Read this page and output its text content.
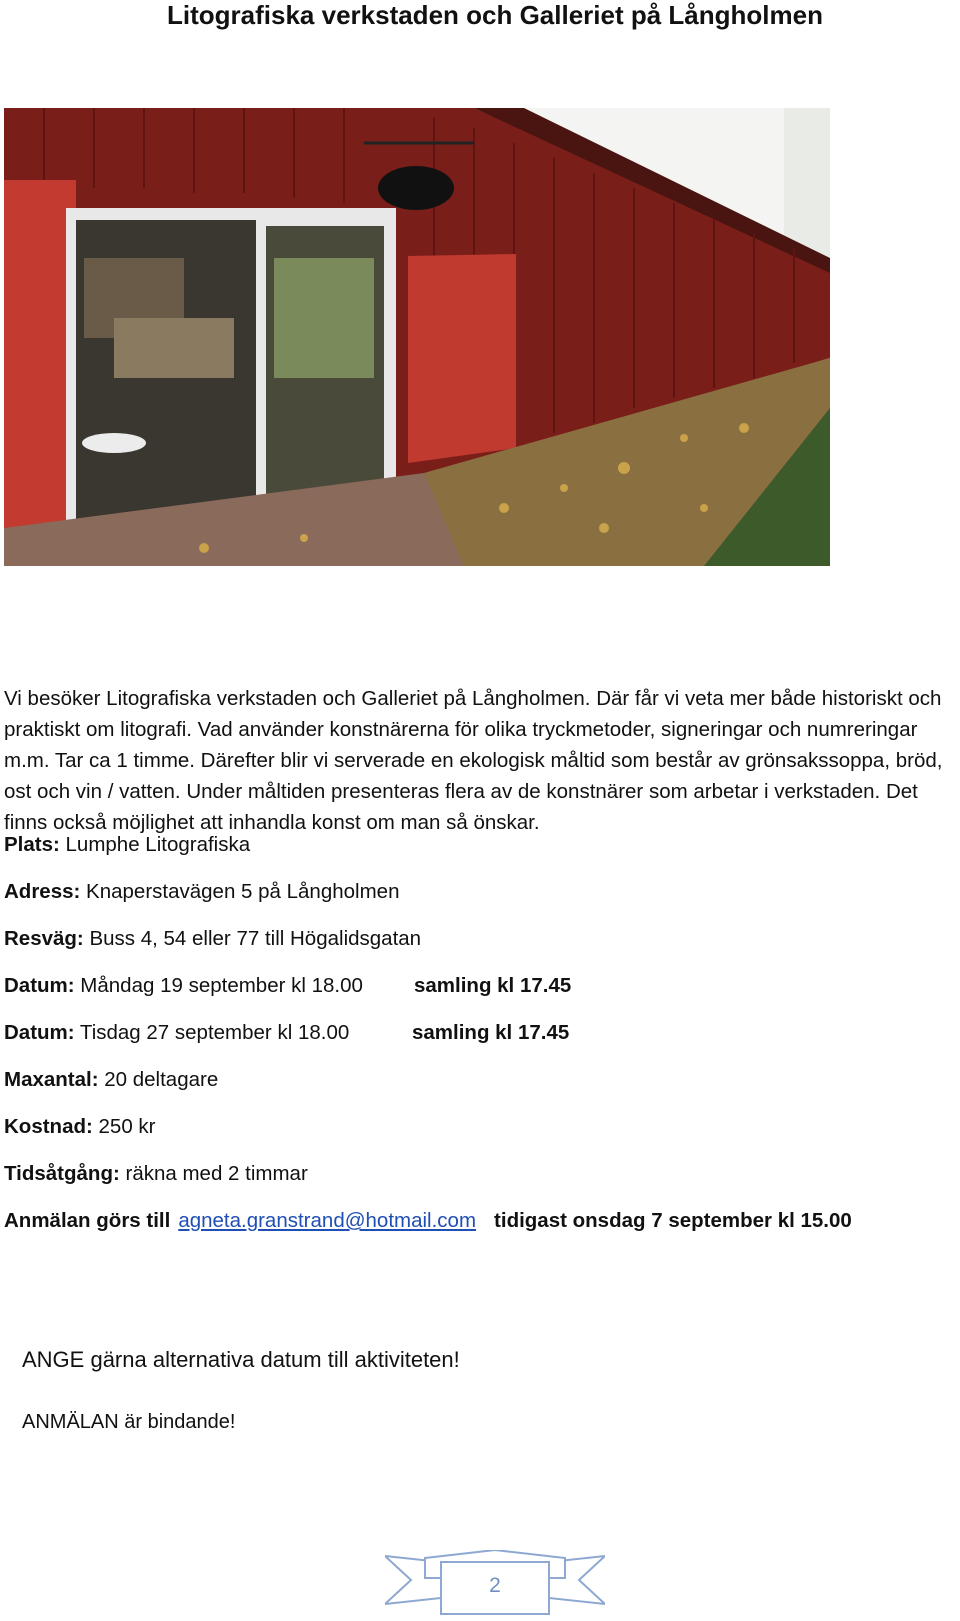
Litografiska verkstaden och Galleriet på Långholmen

Vi besöker Litografiska verkstaden och Galleriet på Långholmen. Där får vi veta mer både historiskt och praktiskt om litografi. Vad använder konstnärerna för olika tryckmetoder, signeringar och numreringar m.m. Tar ca 1 timme. Därefter blir vi serverade en ekologisk måltid som består av grönsakssoppa, bröd, ost och vin / vatten. Under måltiden presenteras flera av de konstnärer som arbetar i verkstaden. Det finns också möjlighet att inhandla konst om man så önskar.

Plats: Lumphe Litografiska
Adress: Knaperstavägen 5 på Långholmen
Resväg: Buss 4, 54 eller 77 till Högalidsgatan
Datum: Måndag 19 september kl 18.00 samling kl 17.45
Datum: Tisdag 27 september kl 18.00	samling kl 17.45
Maxantal: 20 deltagare
Kostnad: 250 kr
Tidsåtgång: räkna med 2 timmar
Anmälan görs till agneta.granstrand@hotmail.com tidigast onsdag 7 september kl 15.00
ANGE gärna alternativa datum till aktiviteten!
ANMÄLAN är bindande!
2
